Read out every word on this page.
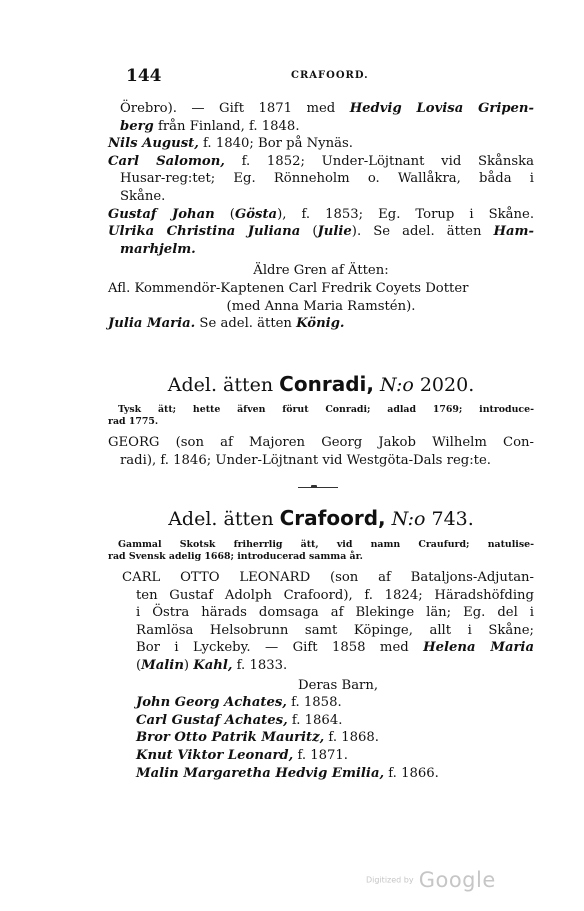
144	CRAFOORD.
Örebro). — Gift 1871 med Hedvig Lovisa Gripen-
berg från Finland, f. 1848.
Nils August, f. 1840; Bor på Nynäs.
Carl Salomon, f. 1852; Under-Löjtnant vid Skånska
Husar-reg:tet; Eg. Rönneholm o. Wallåkra, båda i
Skåne.
Gustaf Johan (Gösta), f. 1853; Eg. Torup i Skåne.
Ulrika Christina Juliana (Julie). Se adel. ätten Ham-
marhjelm.
Äldre Gren af Ätten:
Afl. Kommendör-Kaptenen Carl Fredrik Coyets Dotter
(med Anna Maria Ramstén).
Julia Maria. Se adel. ätten König.
Adel. ätten Conradi, N:o 2020.
Tysk ätt; hette äfven förut Conradi; adlad 1769; introduce-
rad 1775.
GEORG (son af Majoren Georg Jakob Wilhelm Con-
radi), f. 1846; Under-Löjtnant vid Westgöta-Dals reg:te.
Adel. ätten Crafoord, N:o 743.
Gammal Skotsk friherrlig ätt, vid namn Craufurd; natulise-
rad Svensk adelig 1668; introducerad samma år.
CARL OTTO LEONARD (son af Bataljons-Adjutan-
ten Gustaf Adolph Crafoord), f. 1824; Häradshöfding
i Östra härads domsaga af Blekinge län; Eg. del i
Ramlösa Helsobrunn samt Köpinge, allt i Skåne;
Bor i Lyckeby. — Gift 1858 med Helena Maria
(Malin) Kahl, f. 1833.
Deras Barn,
John Georg Achates, f. 1858.
Carl Gustaf Achates, f. 1864.
Bror Otto Patrik Mauritz, f. 1868.
Knut Viktor Leonard, f. 1871.
Malin Margaretha Hedvig Emilia, f. 1866.
Digitized by Google
